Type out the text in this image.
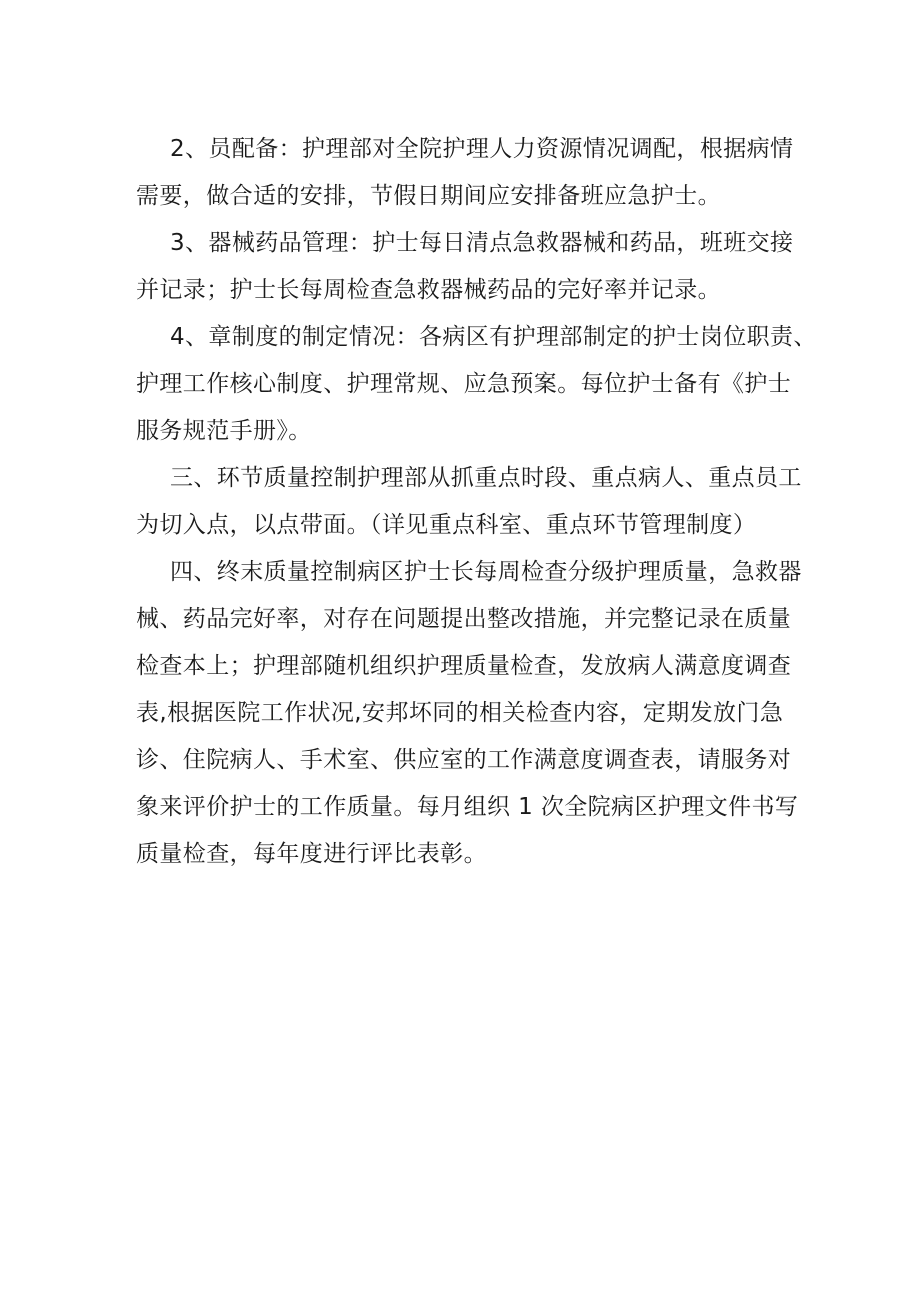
2、员配备：护理部对全院护理人力资源情况调配，根据病情
需要，做合适的安排，节假日期间应安排备班应急护士。
3、器械药品管理：护士每日清点急救器械和药品，班班交接
并记录；护士长每周检查急救器械药品的完好率并记录。
4、章制度的制定情况：各病区有护理部制定的护士岗位职责、
护理工作核心制度、护理常规、应急预案。每位护士备有《护士
服务规范手册》。
三、环节质量控制护理部从抓重点时段、重点病人、重点员工
为切入点，以点带面。（详见重点科室、重点环节管理制度）
四、终末质量控制病区护士长每周检查分级护理质量，急救器
械、药品完好率，对存在问题提出整改措施，并完整记录在质量
检查本上；护理部随机组织护理质量检查，发放病人满意度调查
表,根据医院工作状况,安邦坏同的相关检查内容，定期发放门急
诊、住院病人、手术室、供应室的工作满意度调查表，请服务对
象来评价护士的工作质量。每月组织 1 次全院病区护理文件书写
质量检查，每年度进行评比表彰。
